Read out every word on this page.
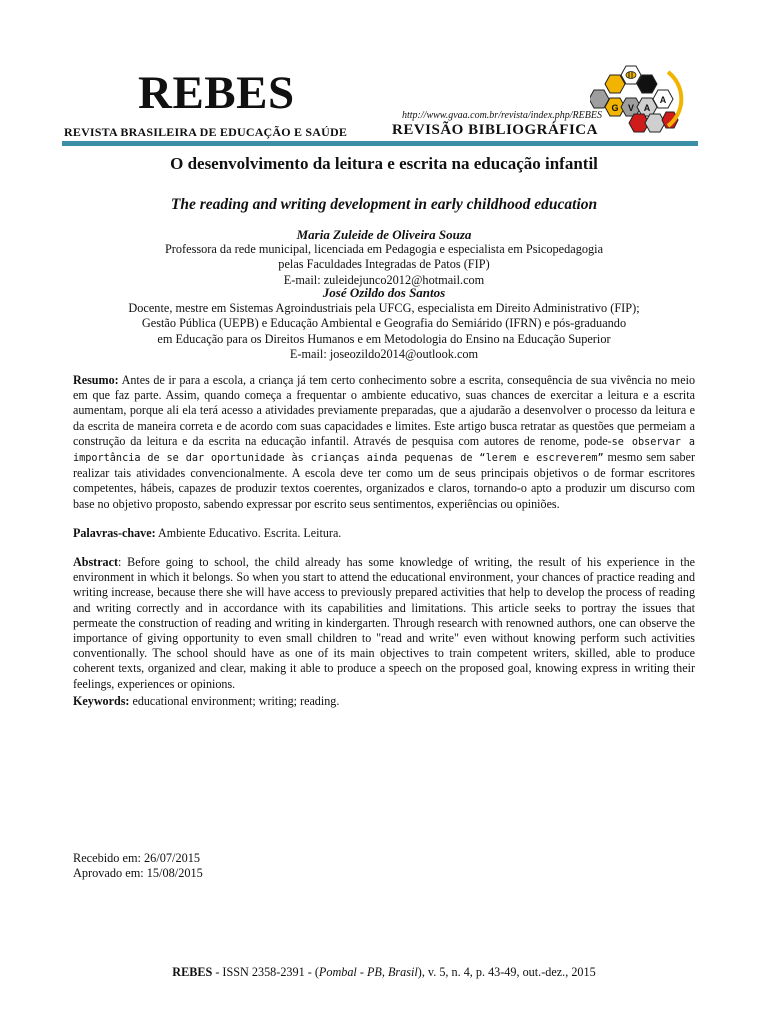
REBES
REVISTA BRASILEIRA DE EDUCAÇÃO E SAÚDE
http://www.gvaa.com.br/revista/index.php/REBES
REVISÃO BIBLIOGRÁFICA
G V A
A
O desenvolvimento da leitura e escrita na educação infantil
The reading and writing development in early childhood education
Maria Zuleide de Oliveira Souza
Professora da rede municipal, licenciada em Pedagogia e especialista em Psicopedagogia
pelas Faculdades Integradas de Patos (FIP)
E-mail: zuleidejunco2012@hotmail.com
José Ozildo dos Santos
Docente, mestre em Sistemas Agroindustriais pela UFCG, especialista em Direito Administrativo (FIP);
Gestão Pública (UEPB) e Educação Ambiental e Geografia do Semiárido (IFRN) e pós-graduando
em Educação para os Direitos Humanos e em Metodologia do Ensino na Educação Superior
E-mail: joseozildo2014@outlook.com
Resumo: Antes de ir para a escola, a criança já tem certo conhecimento sobre a escrita, consequência de sua vivência no meio em que faz parte. Assim, quando começa a frequentar o ambiente educativo, suas chances de exercitar a leitura e a escrita aumentam, porque ali ela terá acesso a atividades previamente preparadas, que a ajudarão a desenvolver o processo da leitura e da escrita de maneira correta e de acordo com suas capacidades e limites. Este artigo busca retratar as questões que permeiam a construção da leitura e da escrita na educação infantil. Através de pesquisa com autores de renome, pode-se observar a importância de se dar oportunidade às crianças ainda pequenas de “lerem e escreverem” mesmo sem saber realizar tais atividades convencionalmente. A escola deve ter como um de seus principais objetivos o de formar escritores competentes, hábeis, capazes de produzir textos coerentes, organizados e claros, tornando-o apto a produzir um discurso com base no objetivo proposto, sabendo expressar por escrito seus sentimentos, experiências ou opiniões.
Palavras-chave: Ambiente Educativo. Escrita. Leitura.
Abstract: Before going to school, the child already has some knowledge of writing, the result of his experience in the environment in which it belongs. So when you start to attend the educational environment, your chances of practice reading and writing increase, because there she will have access to previously prepared activities that help to develop the process of reading and writing correctly and in accordance with its capabilities and limitations. This article seeks to portray the issues that permeate the construction of reading and writing in kindergarten. Through research with renowned authors, one can observe the importance of giving opportunity to even small children to "read and write" even without knowing perform such activities conventionally. The school should have as one of its main objectives to train competent writers, skilled, able to produce coherent texts, organized and clear, making it able to produce a speech on the proposed goal, knowing express in writing their feelings, experiences or opinions.
Keywords: educational environment; writing; reading.
Recebido em: 26/07/2015
Aprovado em: 15/08/2015
REBES - ISSN 2358-2391 - (Pombal - PB, Brasil), v. 5, n. 4, p. 43-49, out.-dez., 2015
